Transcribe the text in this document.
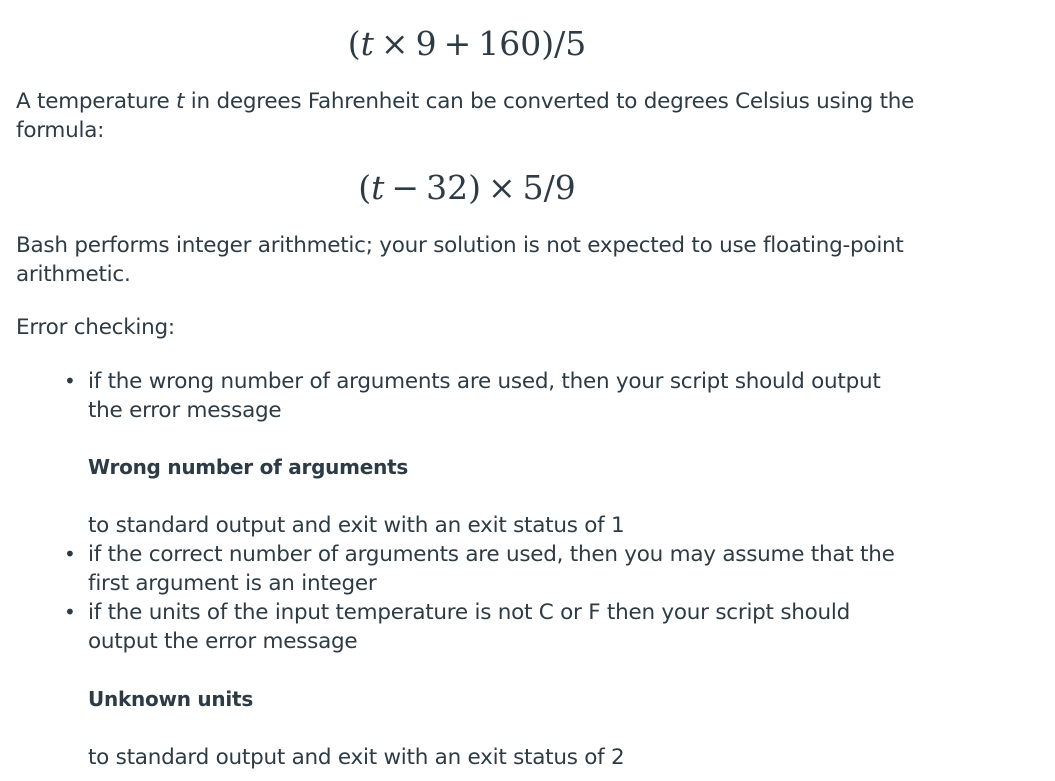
(t × 9 + 160)/5
A temperature t in degrees Fahrenheit can be converted to degrees Celsius using the formula:
(t − 32) × 5/9
Bash performs integer arithmetic; your solution is not expected to use floating-point arithmetic.
Error checking:
• if the wrong number of arguments are used, then your script should output the error message
Wrong number of arguments
to standard output and exit with an exit status of 1
• if the correct number of arguments are used, then you may assume that the first argument is an integer
• if the units of the input temperature is not C or F then your script should output the error message
Unknown units
to standard output and exit with an exit status of 2
